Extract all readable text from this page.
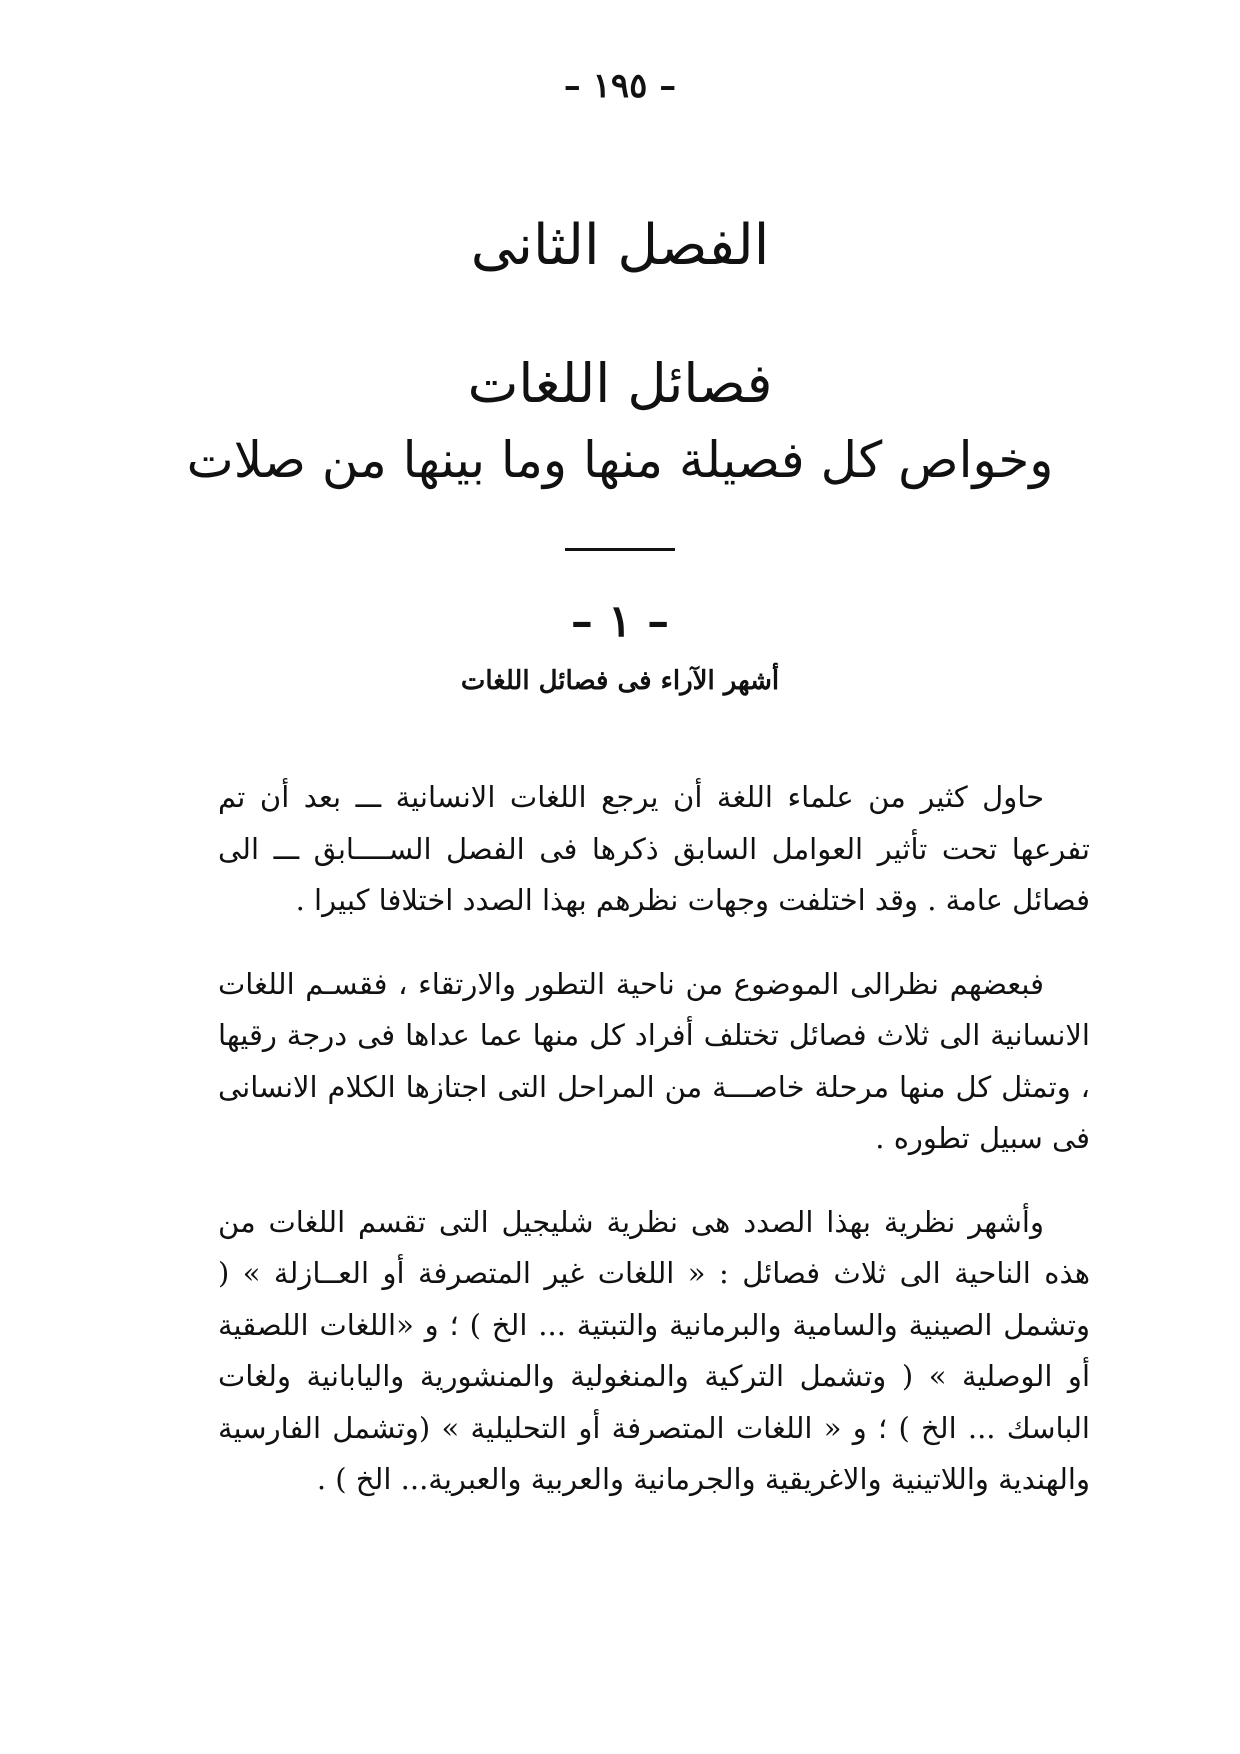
– ١٩٥ –
الفصل الثانى
فصائل اللغات
وخواص كل فصيلة منها وما بينها من صلات
– ١ –
أشهر الآراء فى فصائل اللغات

حاول كثير من علماء اللغة أن يرجع اللغات الانسانية ـــ بعد أن تم تفرعها تحت تأثير العوامل السابق ذكرها فى الفصل الســــابق ـــ الى فصائل عامة . وقد اختلفت وجهات نظرهم بهذا الصدد اختلافا كبيرا .

فبعضهم نظرالى الموضوع من ناحية التطور والارتقاء ، فقسـم اللغات الانسانية الى ثلاث فصائل تختلف أفراد كل منها عما عداها فى درجة رقيها ، وتمثل كل منها مرحلة خاصـــة من المراحل التى اجتازها الكلام الانسانى فى سبيل تطوره .

وأشهر نظرية بهذا الصدد هى نظرية شليجيل التى تقسم اللغات من هذه الناحية الى ثلاث فصائل : « اللغات غير المتصرفة أو العــازلة » ( وتشمل الصينية والسامية والبرمانية والتبتية ... الخ ) ؛ و «اللغات اللصقية أو الوصلية » ( وتشمل التركية والمنغولية والمنشورية واليابانية ولغات الباسك ... الخ ) ؛ و « اللغات المتصرفة أو التحليلية » (وتشمل الفارسية والهندية واللاتينية والاغريقية والجرمانية والعربية والعبرية... الخ ) .
